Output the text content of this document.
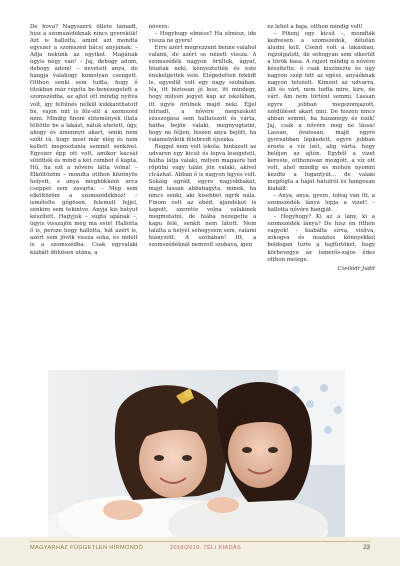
De hova? Nagyszerű ötlete támadt, hisz a szomszédéknak nincs gyerekük! Azt is hallotta, amint azt mondta egyszer a szomszéd bácsi anyjának: – Adja nekünk az egyiket. Magának úgyis négy van! – Jaj, dehogy adom, dehogy adom! – nevetett anya, de hangja valahogy komolyan csengett. Otthon senki sem tudta, hogy ő titokban már régóta be-benézegetett a szomszédba, az ajtót ott mindig nyitva volt, így feltűnés nélkül kukkanthatott be, vajon mit is főz-süt a szomszéd néni. Mindig finom süteményék illata töltötte be a lakást, náluk ehetett, úgy, ahogy és amennyit akart, senki nem szólt rá, hogy most már elég és nem kellett megosztania semmit senkivel. Egyszer épp ott volt, amikor kacsát sütöttek és mind a két combot ő kapta. Hű, ha ezt a nővére látta volna! – Elköltözöm – mondta otthon közönyös helyett, s anya meghökkent arca cseppet sem zavarta. – Meg sem elköltözöm a szomszédékhoz! – ismételte gőgösen, felemelt fejjel, senkire sem tekintve. Anyja kis batyut készített. Hagyjuk – súgta apának –, úgyis visszajön még ma este! Hallotta ő is, persze hogy hallotta, hát azért is, azért sem jövök vissza soha, és indult is a szomszédba. Csak egyvalaki kiabált dühösen utána, a

nővére:

– Hogyhogy elmész? Ha elmész, ide vissza ne gyere!

Erre azért megrezzent benne valahol valami, de azért se nézett vissza. A szomszédék nagyon örültek, ágyat, hiuztak neki, kényeztették és este énekelgettek vele. Elégedetten feküdt le, egyedül volt egy nagy szobában. Na, itt biztosan jó lesz, itt mindegy, hogy milyen jegyet kap az iskolában, itt úgyis örülnek majd neki. Éjjel felriadt, a nővére megszokott szuszogása sem hallatszott és várta, hátha bejön valaki, megnyugtatni, hogy ne féljen, hiszen anya bejött, ha valamelyikük félebredt éjszaka.

Reggel nem volt iskola, hintázott az udvaron egy kicsit és lopva lesegetett, hátha látja valaki, milyen magasra tud röpülni vagy talán jön valaki, akivel cicázhat. Abban ő is nagyon ügyes volt. Sokáig ugrált, egyre nagyobbakat, majd lassan abbahagyta, minek, ha nincs senki, aki kisebbet ugrik nála. Finom volt az ebéd, ajándékot is kapott, szerette volna valakinek megmutatni, de hiába nézegette a kapu felé, senkit nem látott. Nem találta a helyét sehogysem sem, valami hiányzott. A szobában! Itt, a szomszédéknál nemvolt szobava, igen

ez lehet a baja, otthon mindig volt!

– Pihenj egy kicsit –, mondták kedvesen a szomszédok, délután aludni kell. Csend volt a lakásban, rajzolgatott, de sehogyan sem sikerült a török basa. A rajzot mindig a nővére készítette, ő csak kiszínezte és úgy nagyon szép lett az egész, anyáéknak nagyon tetszett. Kiment az udvarra, állt és várt, nem tudta mire, kire, de várt. Ám nem történt semmi. Lassan egyre jobban megszomjazott, szédüléset akart inni. De hiszen nincs abban semmi, ha hazamegy és iszik! Jaj, csak a nővére meg ne lássa! Lassan, óvatosan, majd egyre gyorsabban lépkedett, egyre jobban érezte a víz ízét, alig várta, hogy beléjen az ajtón. Egyből a vizet kereste, otthonosan mozgott, a víz ott volt, ahol mindig és mohón nyomni kezdte a fogantyút... de valaki megfogta a háját hátulról és hangosan kiabált:

– Anya, anya, gyere, tolvaj van itt, a szomszédék lánya lopja a vizet! – hallotta nővére hangját.

– Hogyhogy? Ki az a lány, ki a szomszédék lánya? De hisz én itthon vagyok! – kiabálta sírva, visítva, zokogva és mazatos könnyekkel boldogan túrte a hajfürtöket, hogy körbevegye az ismerős-zajos édes otthon melege.

Czeilódr Judit

MAGYARHÁZ FÜGGETLEN HÍRMONDÓ	2018/2019. TÉLI KIADÁS	23
